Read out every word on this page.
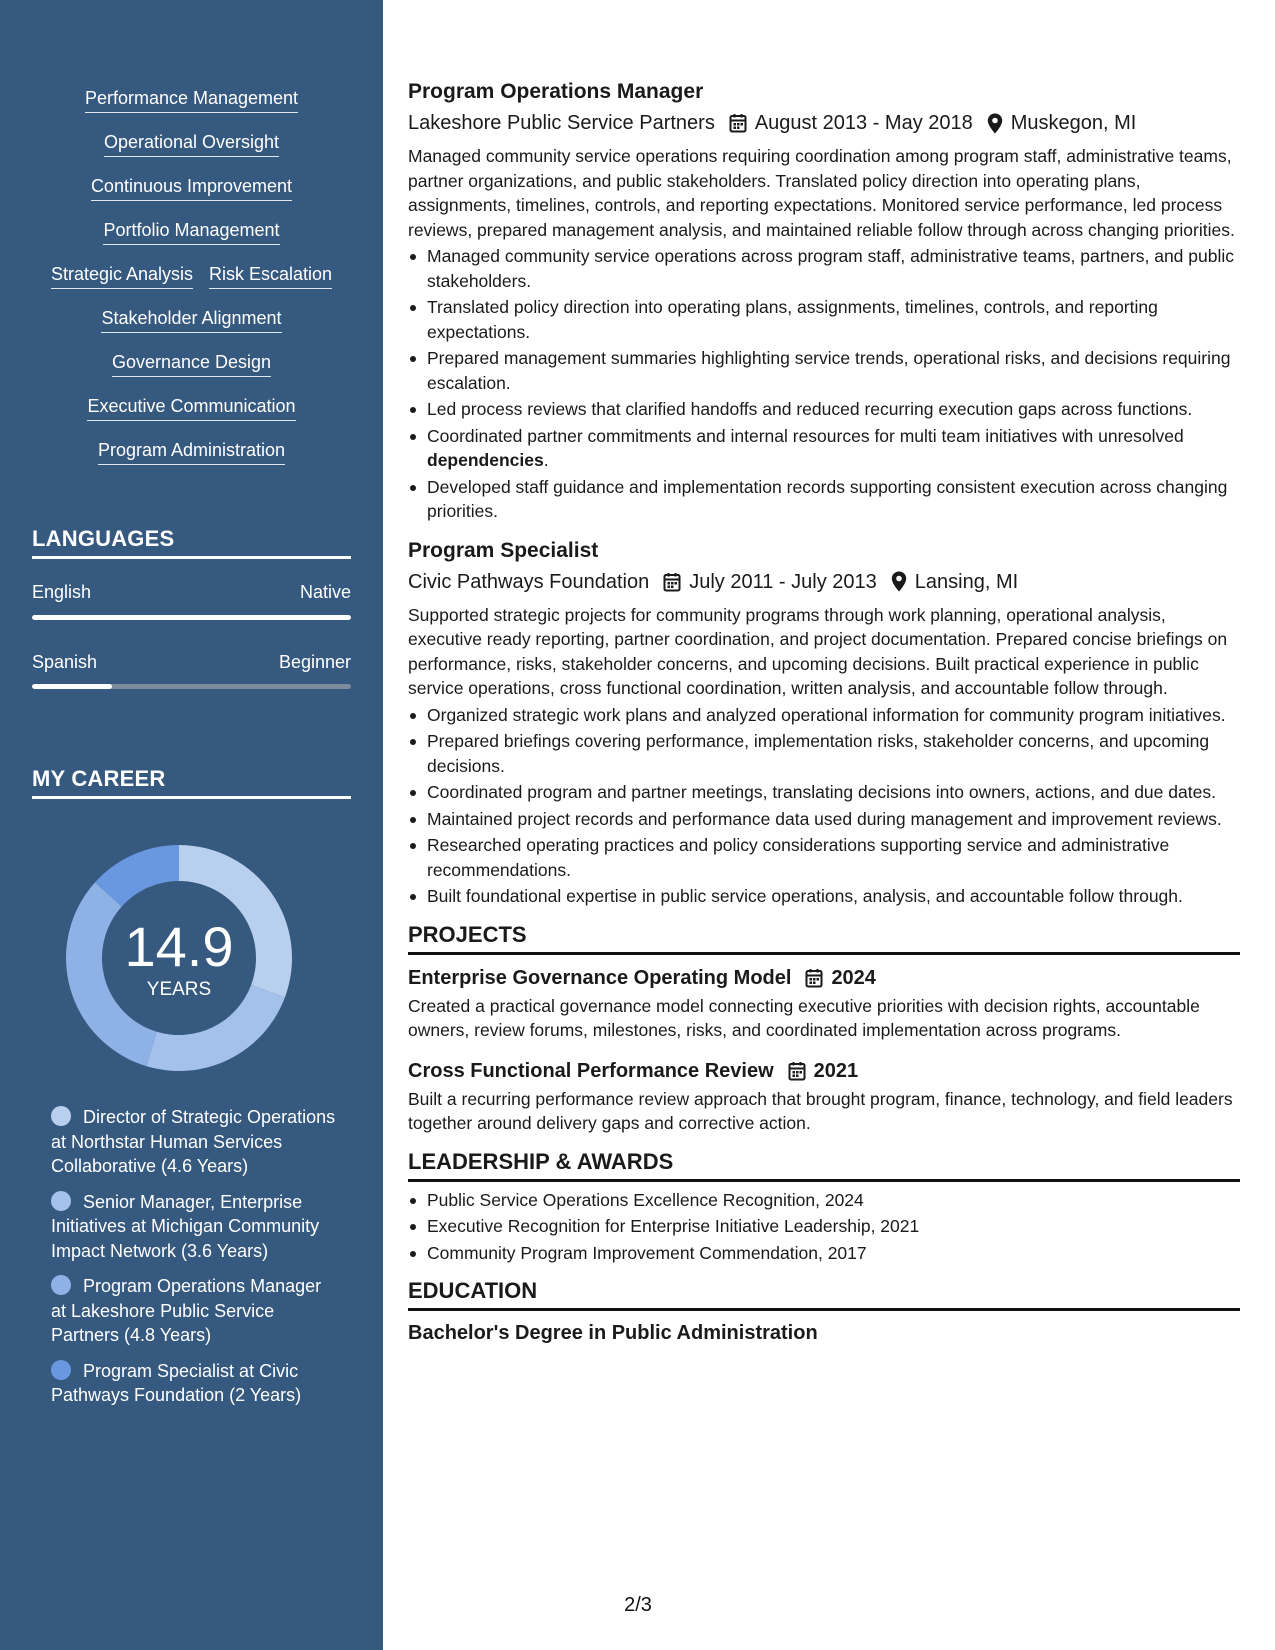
Performance Management
Operational Oversight
Continuous Improvement
Portfolio Management
Strategic Analysis Risk Escalation
Stakeholder Alignment
Governance Design
Executive Communication
Program Administration
LANGUAGES
English	Native
Spanish	Beginner
MY CAREER
14.9
YEARS
Director of Strategic Operations at Northstar Human Services Collaborative (4.6 Years)
Senior Manager, Enterprise Initiatives at Michigan Community Impact Network (3.6 Years)
Program Operations Manager at Lakeshore Public Service Partners (4.8 Years)
Program Specialist at Civic Pathways Foundation (2 Years)
Program Operations Manager
Lakeshore Public Service Partners August 2013 - May 2018 Muskegon, MI

Managed community service operations requiring coordination among program staff, administrative teams, partner organizations, and public stakeholders. Translated policy direction into operating plans, assignments, timelines, controls, and reporting expectations. Monitored service performance, led process reviews, prepared management analysis, and maintained reliable follow through across changing priorities.

Managed community service operations across program staff, administrative teams, partners, and public stakeholders.
Translated policy direction into operating plans, assignments, timelines, controls, and reporting expectations.
Prepared management summaries highlighting service trends, operational risks, and decisions requiring escalation.
Led process reviews that clarified handoffs and reduced recurring execution gaps across functions.
Coordinated partner commitments and internal resources for multi team initiatives with unresolved dependencies.
Developed staff guidance and implementation records supporting consistent execution across changing priorities.
Program Specialist
Civic Pathways Foundation July 2011 - July 2013 Lansing, MI

Supported strategic projects for community programs through work planning, operational analysis, executive ready reporting, partner coordination, and project documentation. Prepared concise briefings on performance, risks, stakeholder concerns, and upcoming decisions. Built practical experience in public service operations, cross functional coordination, written analysis, and accountable follow through.

Organized strategic work plans and analyzed operational information for community program initiatives.
Prepared briefings covering performance, implementation risks, stakeholder concerns, and upcoming decisions.
Coordinated program and partner meetings, translating decisions into owners, actions, and due dates.
Maintained project records and performance data used during management and improvement reviews.
Researched operating practices and policy considerations supporting service and administrative recommendations.
Built foundational expertise in public service operations, analysis, and accountable follow through.
PROJECTS
Enterprise Governance Operating Model 2024

Created a practical governance model connecting executive priorities with decision rights, accountable owners, review forums, milestones, risks, and coordinated implementation across programs.

Cross Functional Performance Review 2021

Built a recurring performance review approach that brought program, finance, technology, and field leaders together around delivery gaps and corrective action.

LEADERSHIP & AWARDS
Public Service Operations Excellence Recognition, 2024
Executive Recognition for Enterprise Initiative Leadership, 2021
Community Program Improvement Commendation, 2017
EDUCATION
Bachelor's Degree in Public Administration
2/3
